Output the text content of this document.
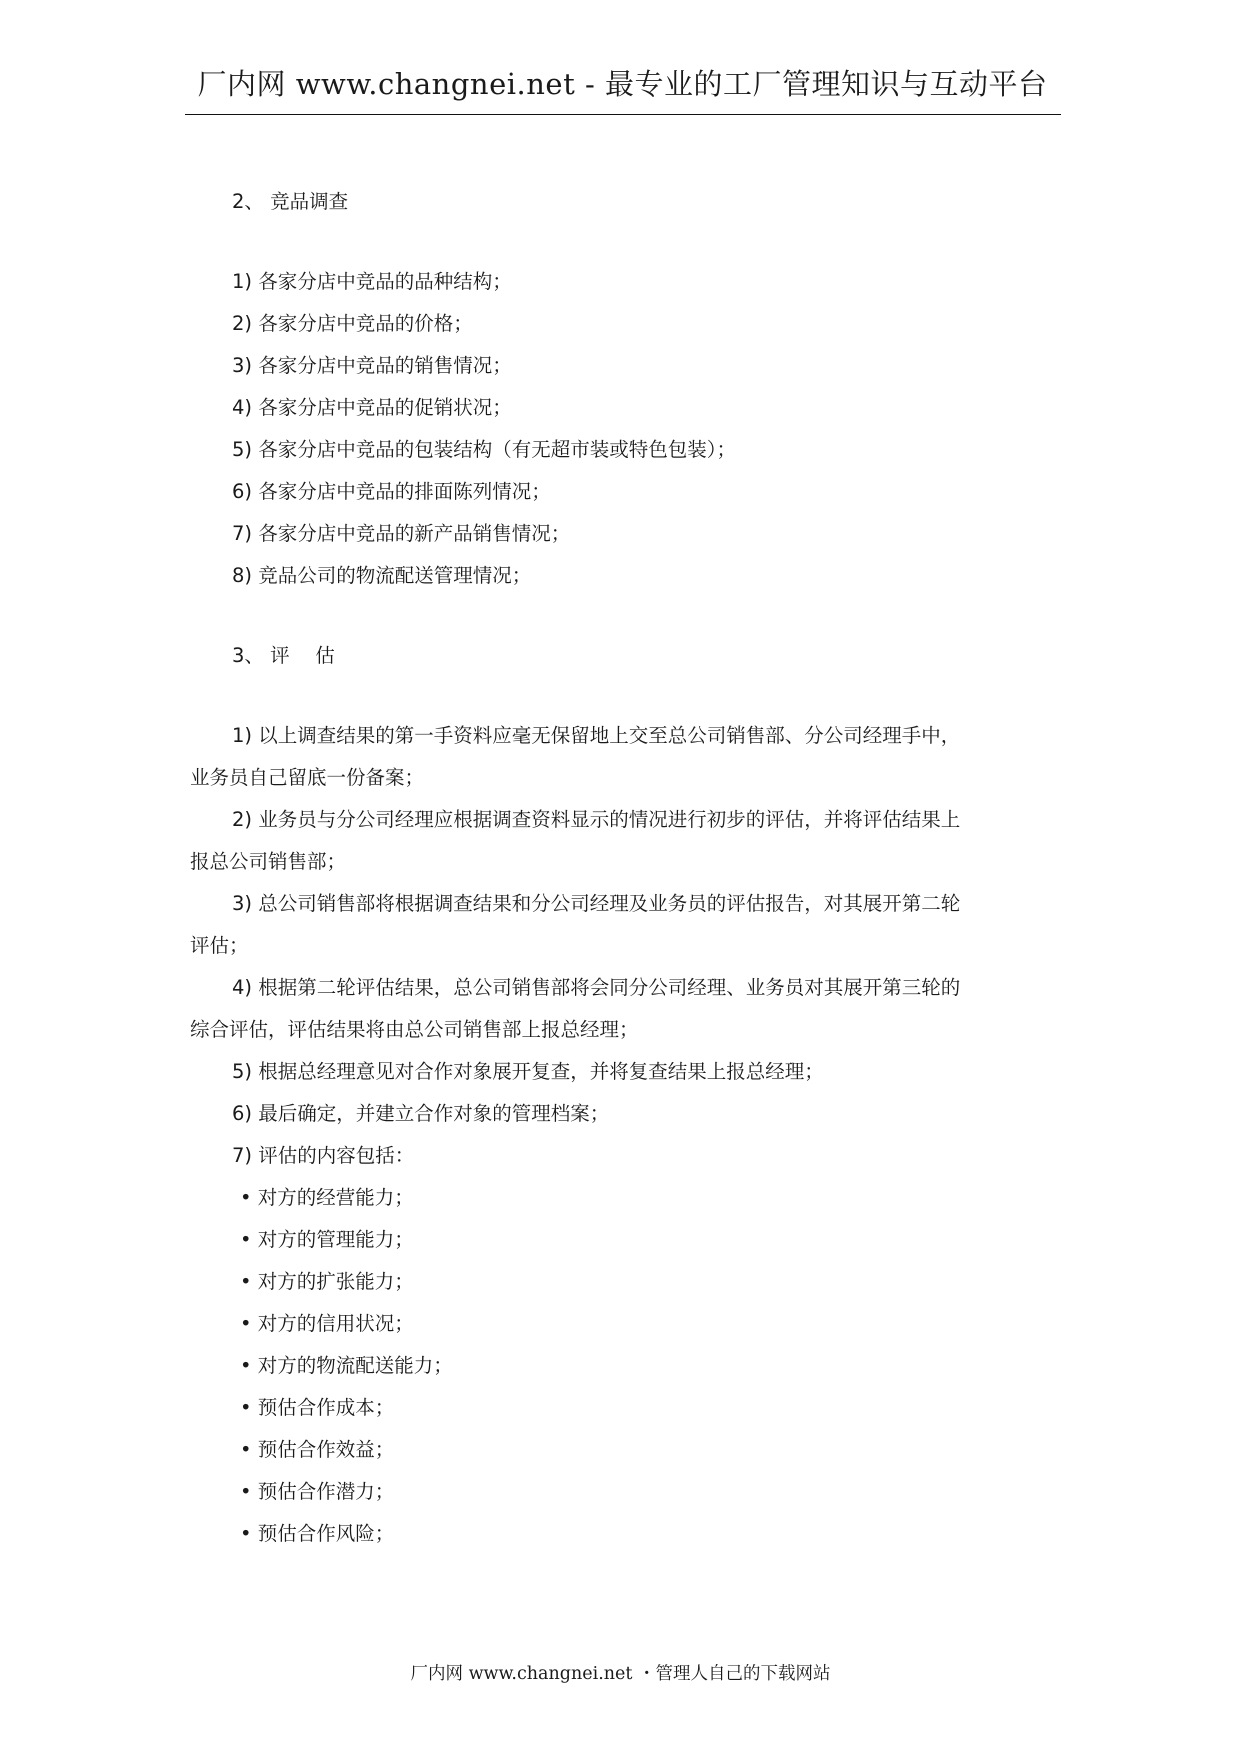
厂内网 www.changnei.net - 最专业的工厂管理知识与互动平台
2、 竞品调查
1) 各家分店中竞品的品种结构；
2) 各家分店中竞品的价格；
3) 各家分店中竞品的销售情况；
4) 各家分店中竞品的促销状况；
5) 各家分店中竞品的包装结构（有无超市装或特色包装）；
6) 各家分店中竞品的排面陈列情况；
7) 各家分店中竞品的新产品销售情况；
8) 竞品公司的物流配送管理情况；
3、 评　 估
1) 以上调查结果的第一手资料应毫无保留地上交至总公司销售部、分公司经理手中，
业务员自己留底一份备案；
2) 业务员与分公司经理应根据调查资料显示的情况进行初步的评估，并将评估结果上
报总公司销售部；
3) 总公司销售部将根据调查结果和分公司经理及业务员的评估报告，对其展开第二轮
评估；
4) 根据第二轮评估结果，总公司销售部将会同分公司经理、业务员对其展开第三轮的
综合评估，评估结果将由总公司销售部上报总经理；
5) 根据总经理意见对合作对象展开复查，并将复查结果上报总经理；
6) 最后确定，并建立合作对象的管理档案；
7) 评估的内容包括：
• 对方的经营能力；
• 对方的管理能力；
• 对方的扩张能力；
• 对方的信用状况；
• 对方的物流配送能力；
• 预估合作成本；
• 预估合作效益；
• 预估合作潜力；
• 预估合作风险；
厂内网 www.changnei.net ・管理人自己的下载网站
